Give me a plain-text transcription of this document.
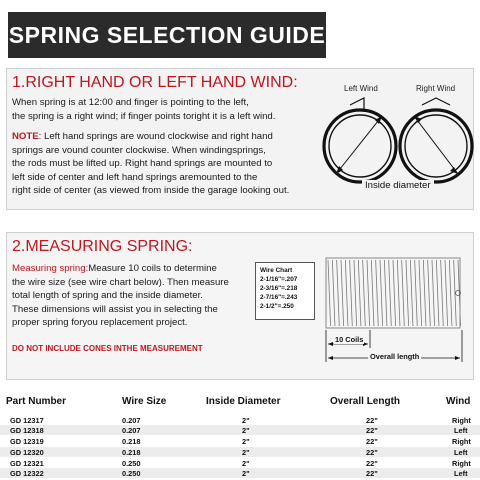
SPRING SELECTION GUIDE
1.RIGHT HAND OR LEFT HAND WIND:
When spring is at 12:00 and finger is pointing to the left,
the spring is a right wind; if finger points toright it is a left wind.
NOTE: Left hand springs are wound clockwise and right hand
springs are vound counter clockwise. When windingsprings,
the rods must be lifted up. Right hand springs are mounted to
left side of center and left hand springs aremounted to the
right side of center (as viewed from inside the garage looking out.
Left Wind	Right Wind
Inside diameter
2.MEASURING SPRING:
Measuring spring:Measure 10 coils to determine
the wire size (see wire chart below). Then measure
total length of spring and the inside diameter.
These dimensions will assist you in selecting the
proper spring foryou replacement project.
DO NOT INCLUDE CONES INTHE MEASUREMENT
Wire Chart
2-1/16"=.207
2-3/16"=.218
2-7/16"=.243
2-1/2"=.250
10 Coils
Overall length
Part Number	Wire Size	Inside Diameter	Overall Length	Wind
GD 12317	0.207	2"	22"	Right
GD 12318	0.207	2"	22"	Left
GD 12319	0.218	2"	22"	Right
GD 12320	0.218	2"	22"	Left
GD 12321	0.250	2"	22"	Right
GD 12322	0.250	2"	22"	Left
